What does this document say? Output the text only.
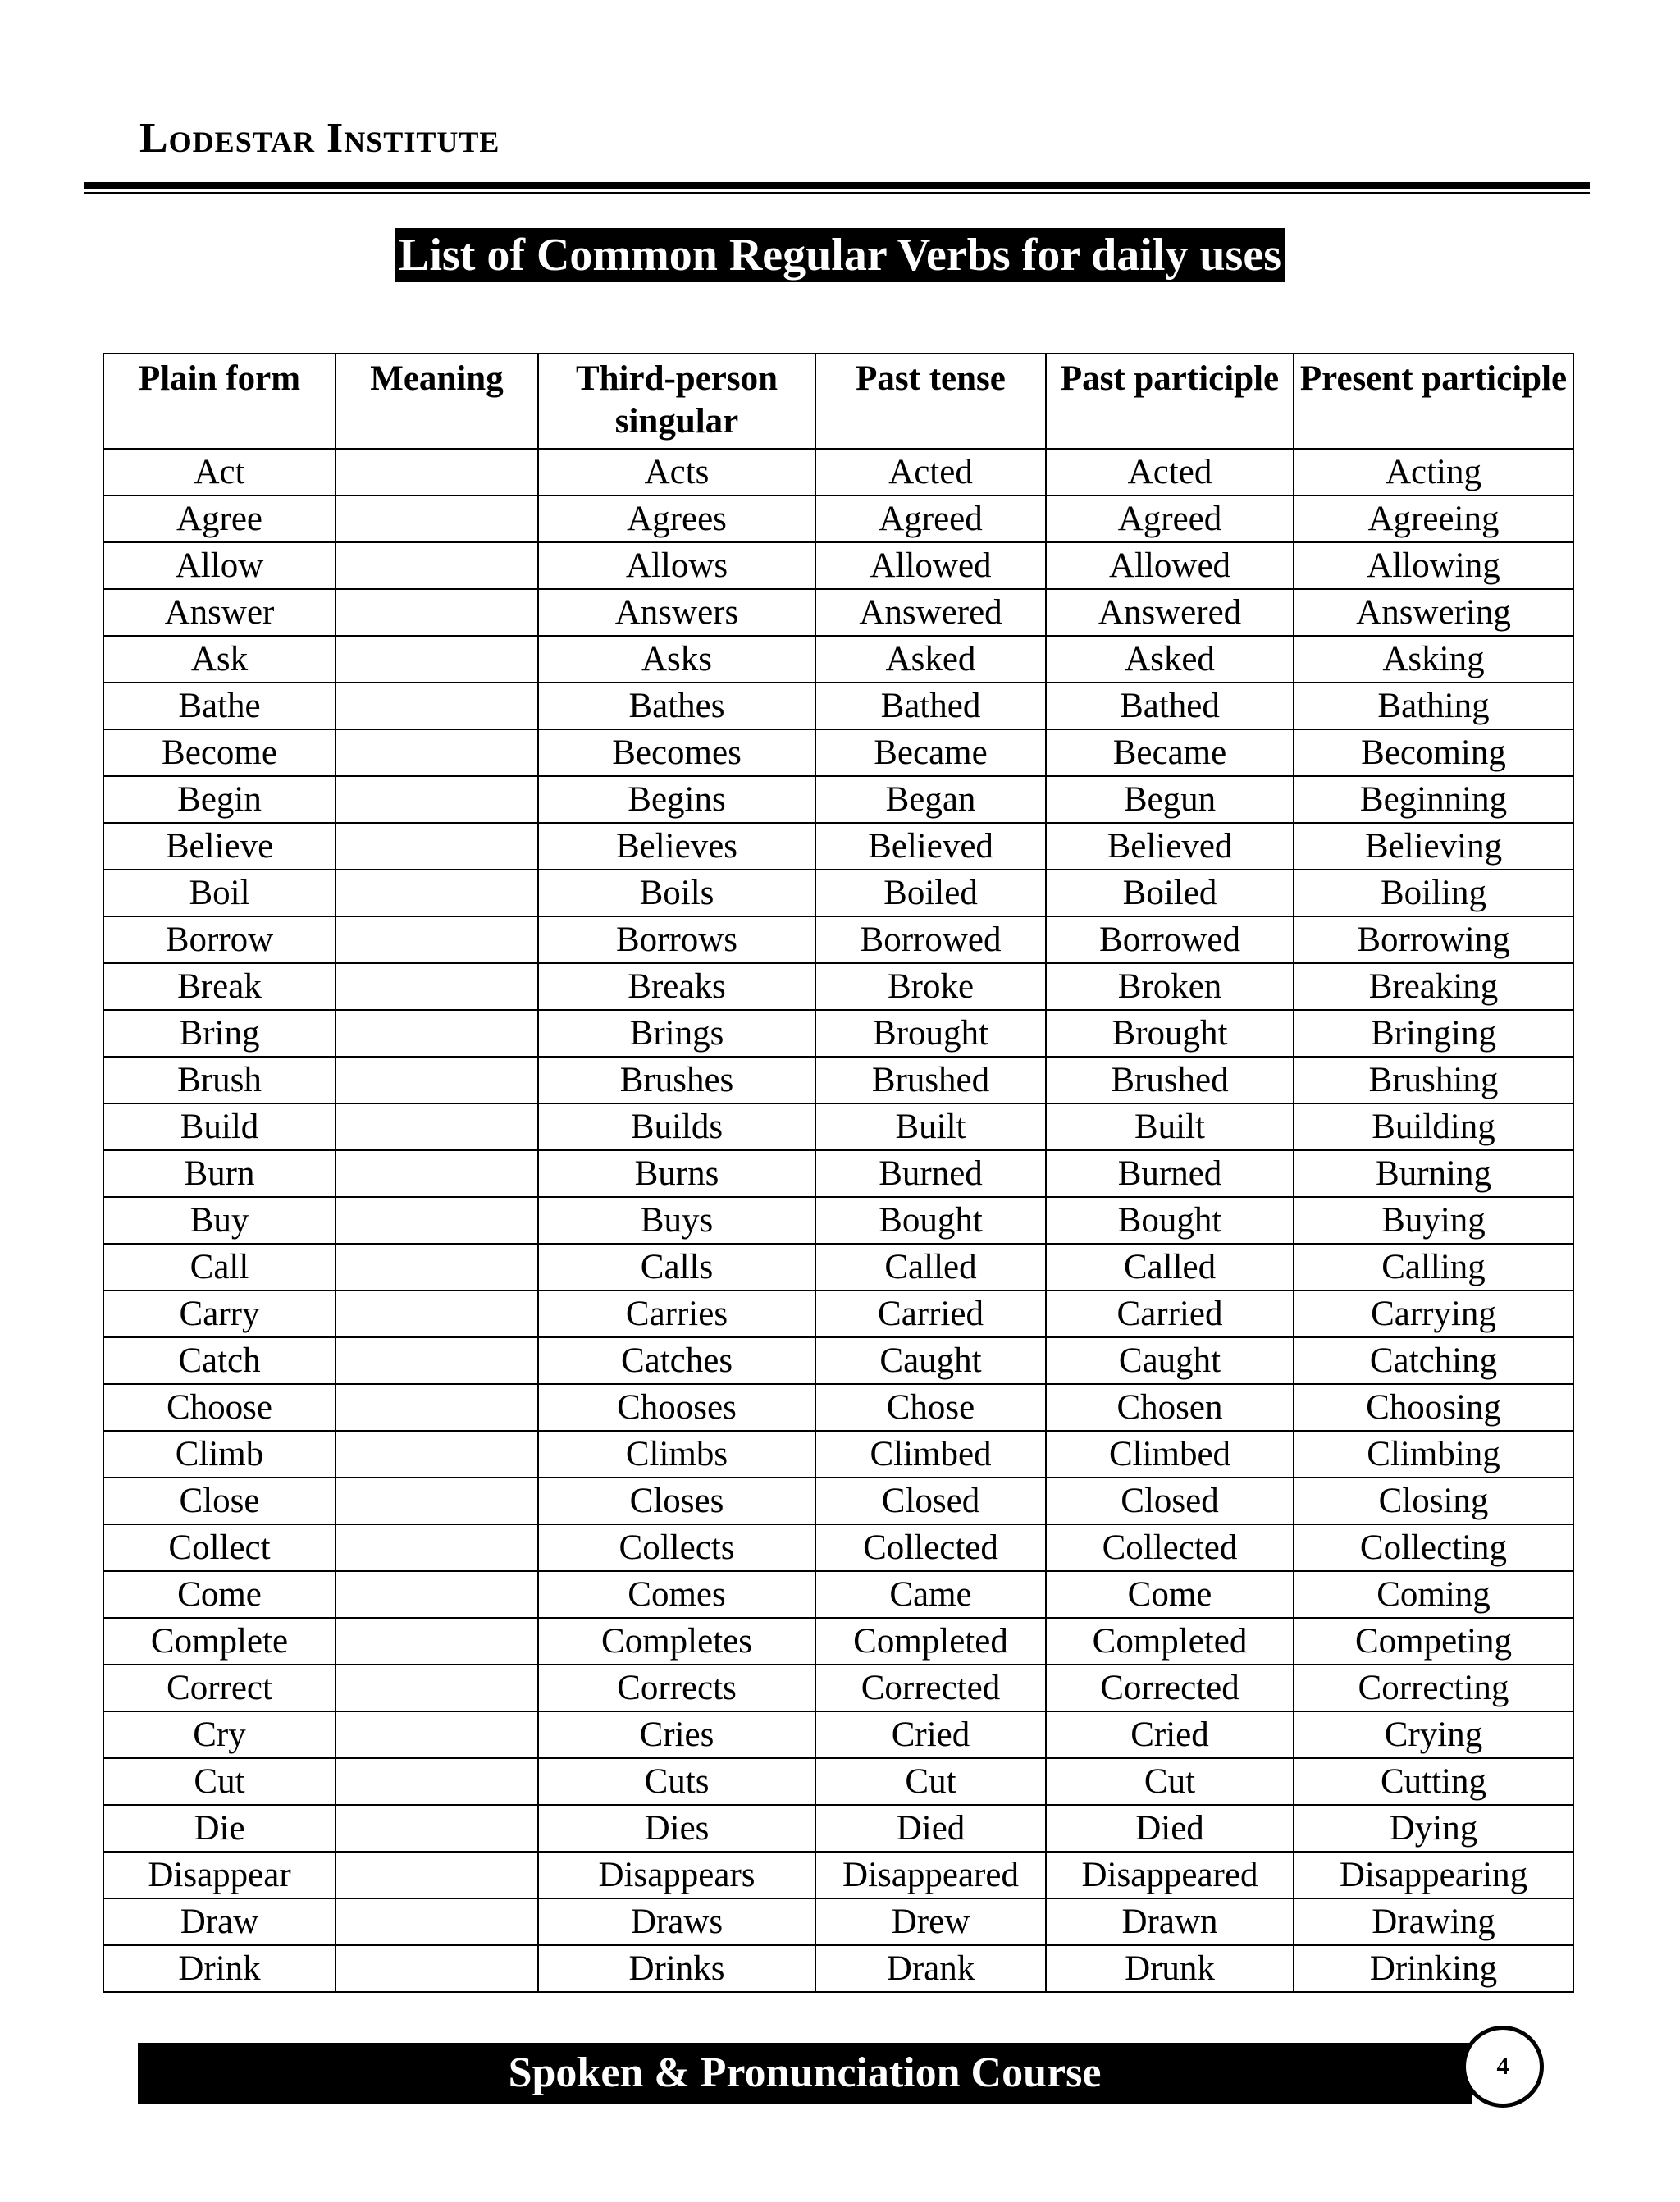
Lodestar Institute
List of Common Regular Verbs for daily uses
Plain form	Meaning	Third-person singular	Past tense	Past participle	Present participle
Act		Acts	Acted	Acted	Acting
Agree		Agrees	Agreed	Agreed	Agreeing
Allow		Allows	Allowed	Allowed	Allowing
Answer		Answers	Answered	Answered	Answering
Ask		Asks	Asked	Asked	Asking
Bathe		Bathes	Bathed	Bathed	Bathing
Become		Becomes	Became	Became	Becoming
Begin		Begins	Began	Begun	Beginning
Believe		Believes	Believed	Believed	Believing
Boil		Boils	Boiled	Boiled	Boiling
Borrow		Borrows	Borrowed	Borrowed	Borrowing
Break		Breaks	Broke	Broken	Breaking
Bring		Brings	Brought	Brought	Bringing
Brush		Brushes	Brushed	Brushed	Brushing
Build		Builds	Built	Built	Building
Burn		Burns	Burned	Burned	Burning
Buy		Buys	Bought	Bought	Buying
Call		Calls	Called	Called	Calling
Carry		Carries	Carried	Carried	Carrying
Catch		Catches	Caught	Caught	Catching
Choose		Chooses	Chose	Chosen	Choosing
Climb		Climbs	Climbed	Climbed	Climbing
Close		Closes	Closed	Closed	Closing
Collect		Collects	Collected	Collected	Collecting
Come		Comes	Came	Come	Coming
Complete		Completes	Completed	Completed	Competing
Correct		Corrects	Corrected	Corrected	Correcting
Cry		Cries	Cried	Cried	Crying
Cut		Cuts	Cut	Cut	Cutting
Die		Dies	Died	Died	Dying
Disappear		Disappears	Disappeared	Disappeared	Disappearing
Draw		Draws	Drew	Drawn	Drawing
Drink		Drinks	Drank	Drunk	Drinking
Spoken & Pronunciation Course	4
